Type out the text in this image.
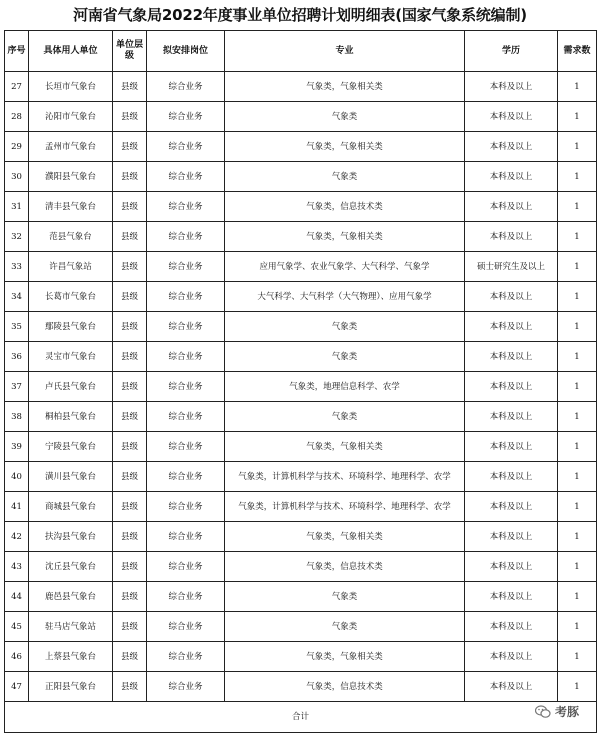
河南省气象局2022年度事业单位招聘计划明细表(国家气象系统编制)
序号	具体用人单位	单位层级	拟安排岗位	专业	学历	需求数
27	长垣市气象台	县级	综合业务	气象类，气象相关类	本科及以上	1
28	沁阳市气象台	县级	综合业务	气象类	本科及以上	1
29	孟州市气象台	县级	综合业务	气象类，气象相关类	本科及以上	1
30	濮阳县气象台	县级	综合业务	气象类	本科及以上	1
31	清丰县气象台	县级	综合业务	气象类，信息技术类	本科及以上	1
32	范县气象台	县级	综合业务	气象类，气象相关类	本科及以上	1
33	许昌气象站	县级	综合业务	应用气象学、农业气象学、大气科学、气象学	硕士研究生及以上	1
34	长葛市气象台	县级	综合业务	大气科学、大气科学（大气物理）、应用气象学	本科及以上	1
35	鄢陵县气象台	县级	综合业务	气象类	本科及以上	1
36	灵宝市气象台	县级	综合业务	气象类	本科及以上	1
37	卢氏县气象台	县级	综合业务	气象类，地理信息科学、农学	本科及以上	1
38	桐柏县气象台	县级	综合业务	气象类	本科及以上	1
39	宁陵县气象台	县级	综合业务	气象类，气象相关类	本科及以上	1
40	潢川县气象台	县级	综合业务	气象类，计算机科学与技术、环境科学、地理科学、农学	本科及以上	1
41	商城县气象台	县级	综合业务	气象类，计算机科学与技术、环境科学、地理科学、农学	本科及以上	1
42	扶沟县气象台	县级	综合业务	气象类，气象相关类	本科及以上	1
43	沈丘县气象台	县级	综合业务	气象类，信息技术类	本科及以上	1
44	鹿邑县气象台	县级	综合业务	气象类	本科及以上	1
45	驻马店气象站	县级	综合业务	气象类	本科及以上	1
46	上蔡县气象台	县级	综合业务	气象类，气象相关类	本科及以上	1
47	正阳县气象台	县级	综合业务	气象类，信息技术类	本科及以上	1
合计							考豚
